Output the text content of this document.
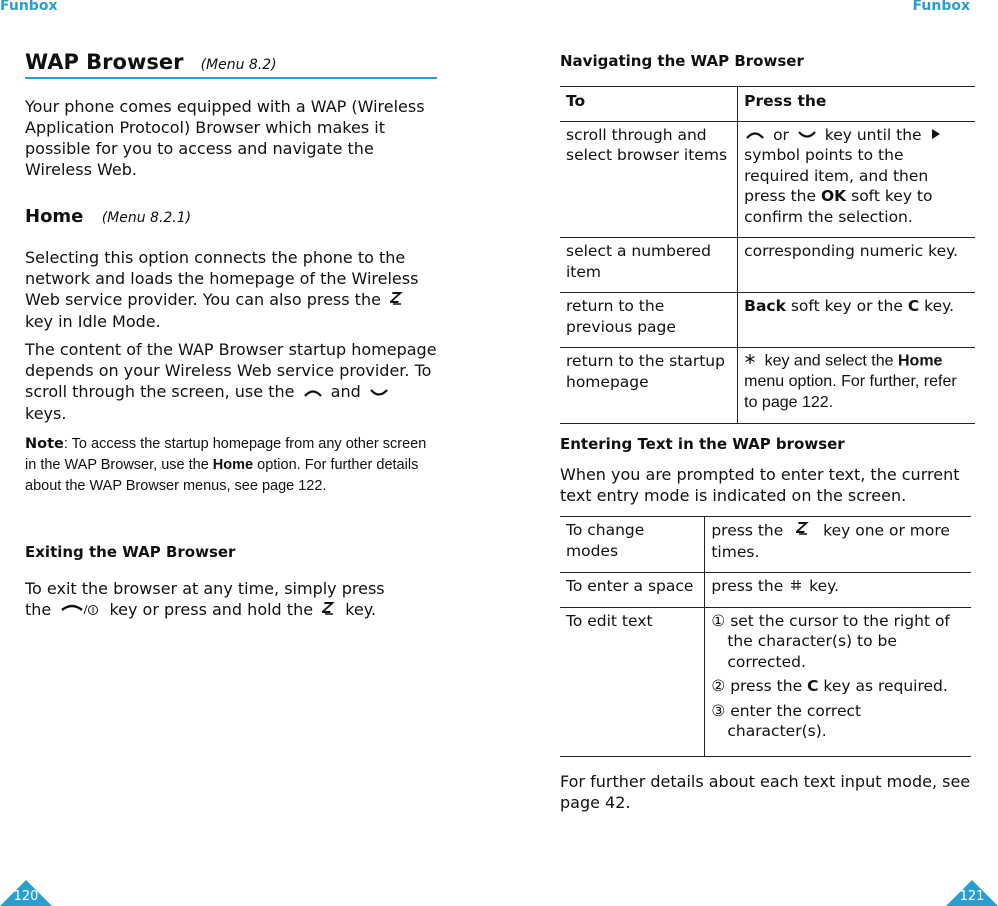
Funbox	Funbox
WAP Browser (Menu 8.2)
Your phone comes equipped with a WAP (Wireless Application Protocol) Browser which makes it possible for you to access and navigate the Wireless Web.
Home (Menu 8.2.1)
Selecting this option connects the phone to the network and loads the homepage of the Wireless Web service provider. You can also press the  key in Idle Mode.
The content of the WAP Browser startup homepage depends on your Wireless Web service provider. To scroll through the screen, use the and  keys.
Note: To access the startup homepage from any other screen in the WAP Browser, use the Home option. For further details about the WAP Browser menus, see page 122.
Exiting the WAP Browser
To exit the browser at any time, simply press the	key or press and hold the key.
120
Navigating the WAP Browser
To	Press the
scroll through and select browser items	or key until the  symbol points to the required item, and then press the OK soft key to confirm the selection.
select a numbered item	corresponding numeric key.
return to the previous page	Back soft key or the C key.
return to the startup homepage	key and select the Home menu option. For further, refer to page 122.
Entering Text in the WAP browser
When you are prompted to enter text, the current text entry mode is indicated on the screen.
To change modes	press the key one or more times.
To enter a space	press the key.
To edit text	① set the cursor to the right of the character(s) to be corrected.
② press the C key as required.
③ enter the correct character(s).
For further details about each text input mode, see page 42.
121
